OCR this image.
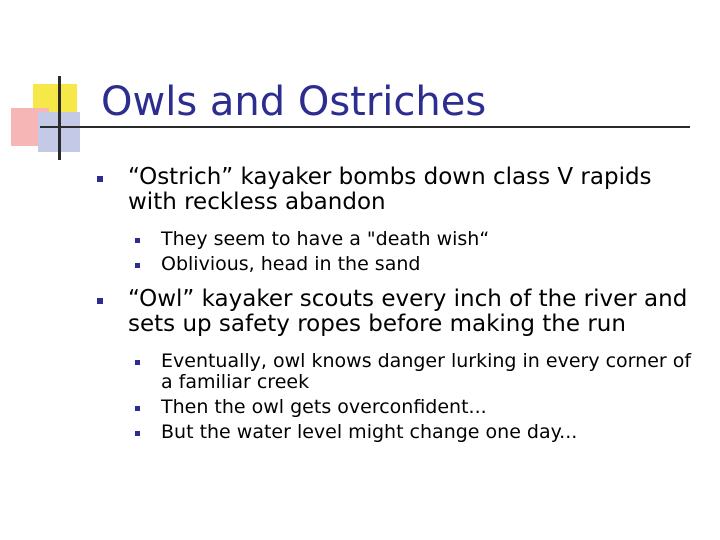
Owls and Ostriches
“Ostrich” kayaker bombs down class V rapids with reckless abandon
They seem to have a "death wish“
Oblivious, head in the sand
“Owl” kayaker scouts every inch of the river and sets up safety ropes before making the run
Eventually, owl knows danger lurking in every corner of a familiar creek
Then the owl gets overconfident...
But the water level might change one day...
